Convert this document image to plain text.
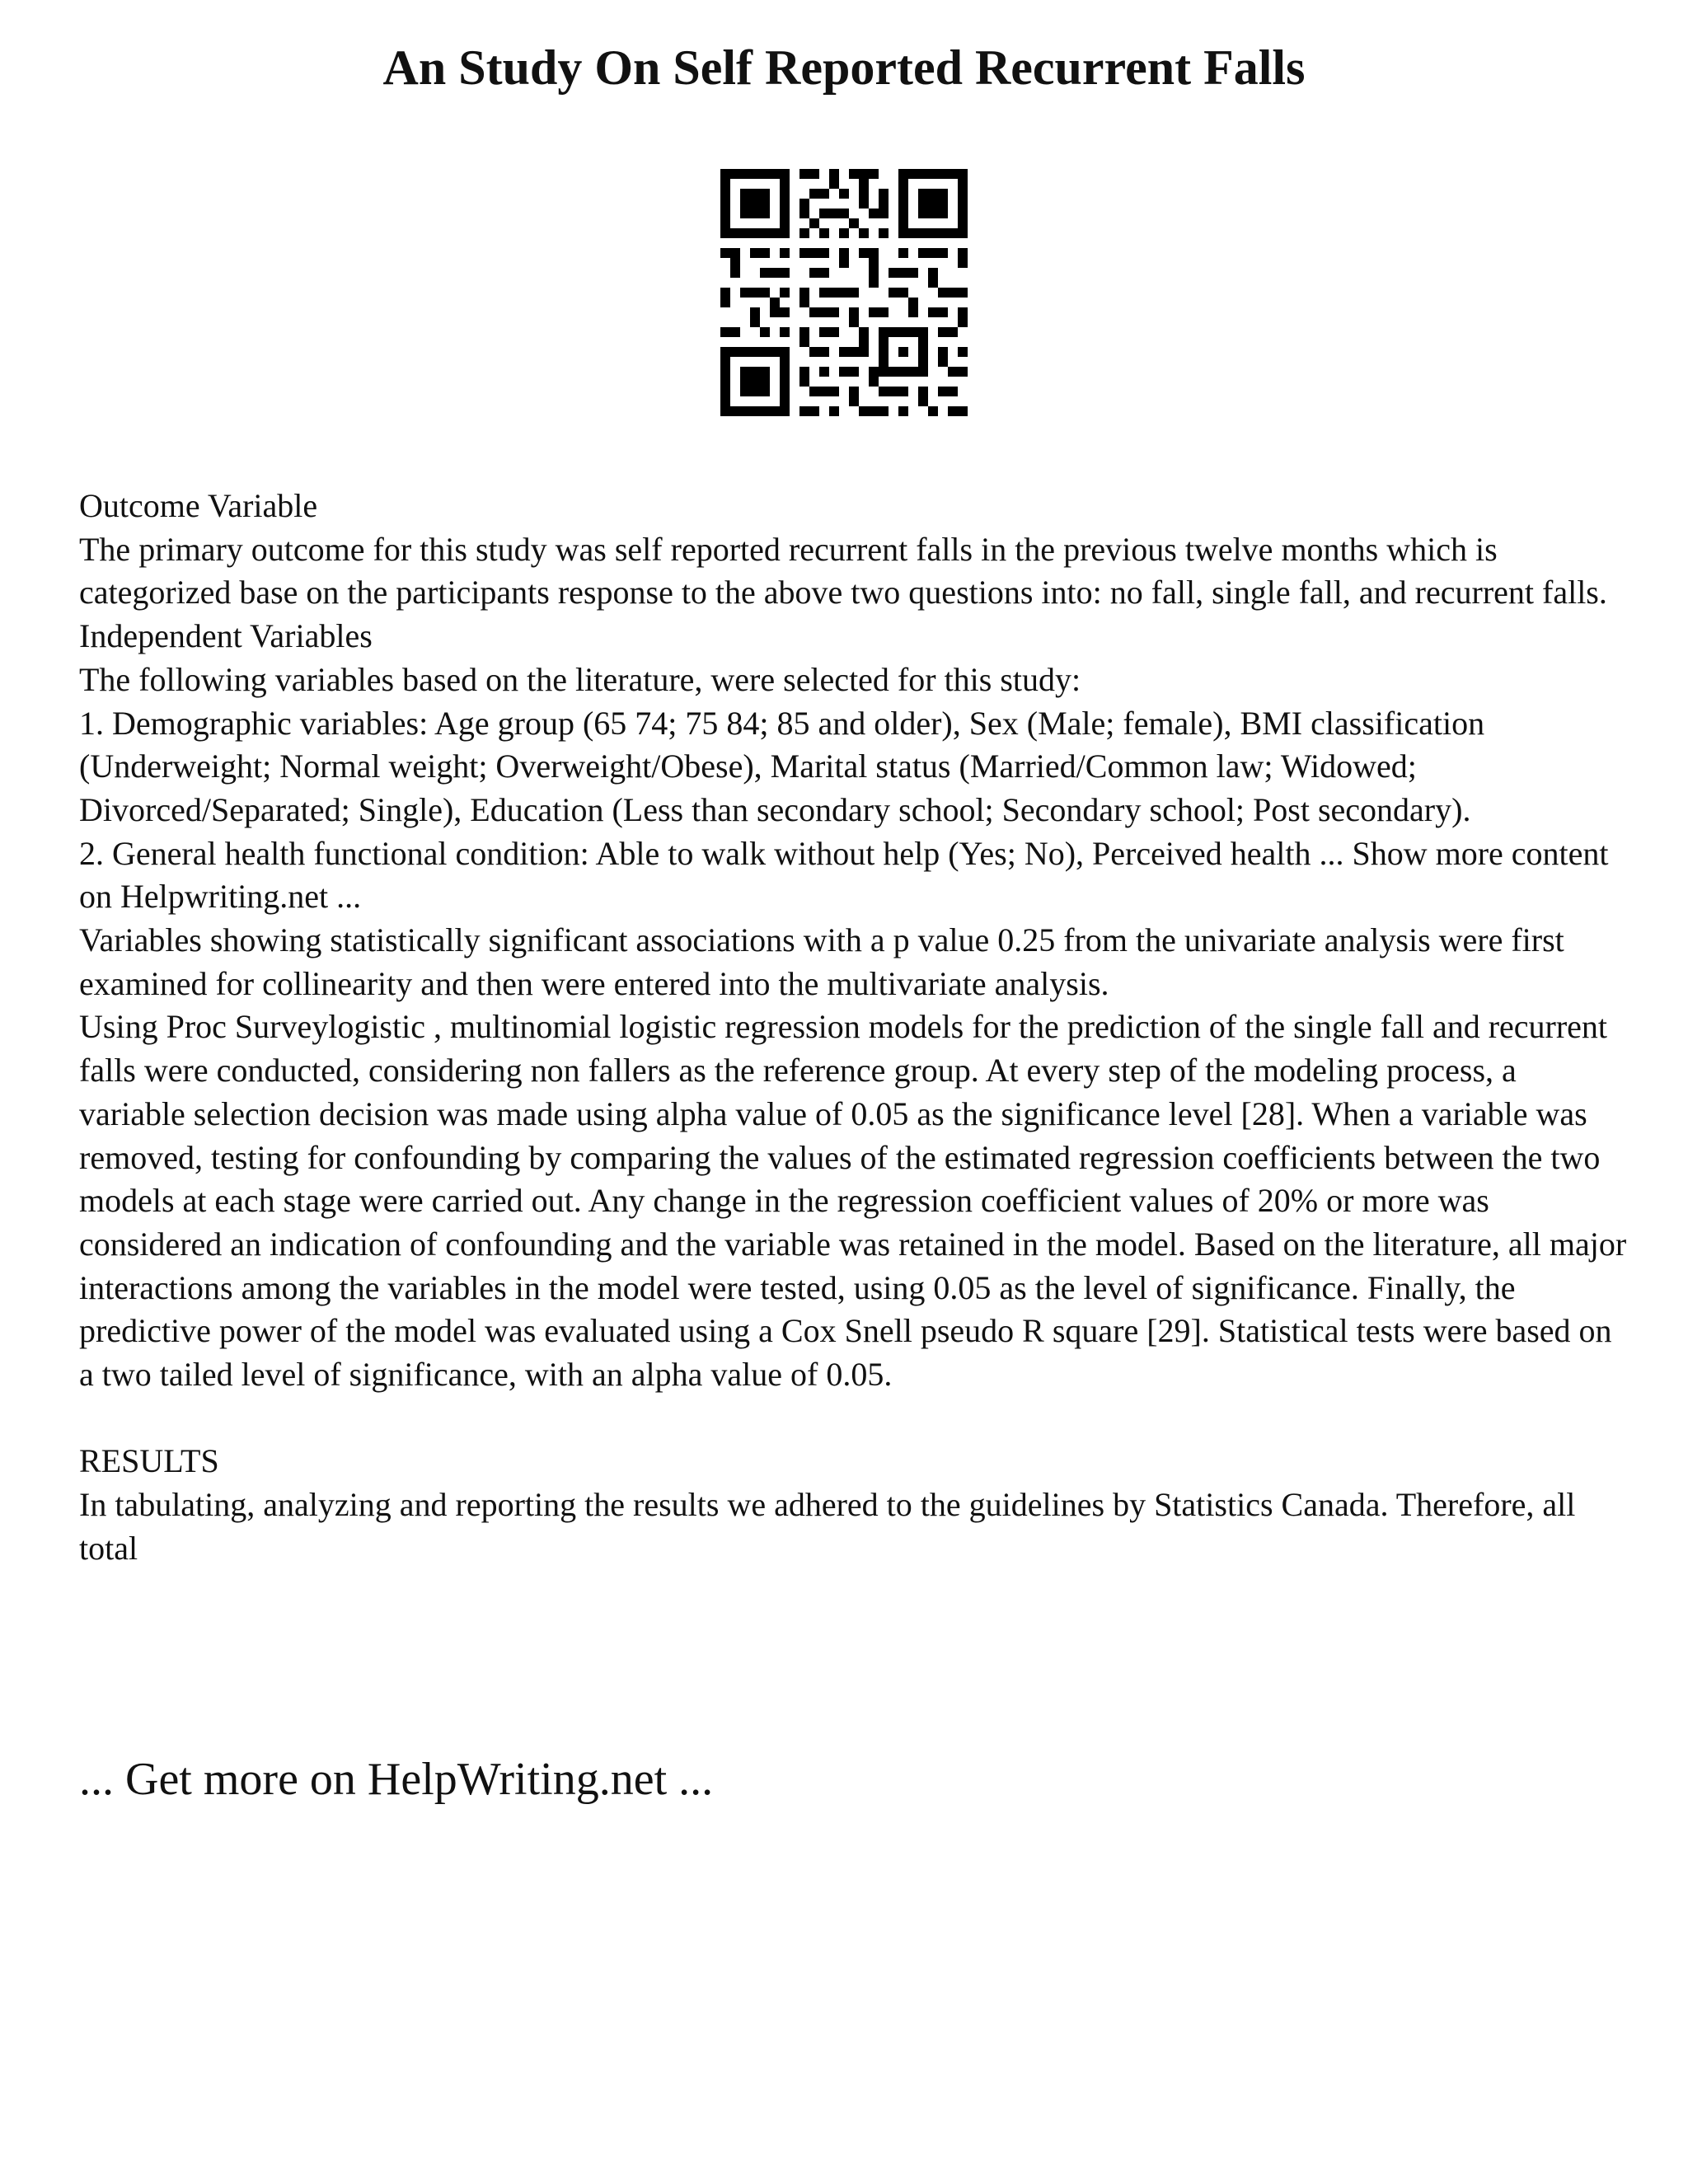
An Study On Self Reported Recurrent Falls

Outcome Variable

The primary outcome for this study was self reported recurrent falls in the previous twelve months which is categorized base on the participants response to the above two questions into: no fall, single fall, and recurrent falls.

Independent Variables

The following variables based on the literature, were selected for this study:

1. Demographic variables: Age group (65 74; 75 84; 85 and older), Sex (Male; female), BMI classification (Underweight; Normal weight; Overweight/Obese), Marital status (Married/Common law; Widowed; Divorced/Separated; Single), Education (Less than secondary school; Secondary school; Post secondary).

2. General health functional condition: Able to walk without help (Yes; No), Perceived health ... Show more content on Helpwriting.net ...

Variables showing statistically significant associations with a p value 0.25 from the univariate analysis were first examined for collinearity and then were entered into the multivariate analysis.

Using Proc Surveylogistic , multinomial logistic regression models for the prediction of the single fall and recurrent falls were conducted, considering non fallers as the reference group. At every step of the modeling process, a variable selection decision was made using alpha value of 0.05 as the significance level [28]. When a variable was removed, testing for confounding by comparing the values of the estimated regression coefficients between the two models at each stage were carried out. Any change in the regression coefficient values of 20% or more was considered an indication of confounding and the variable was retained in the model. Based on the literature, all major interactions among the variables in the model were tested, using 0.05 as the level of significance. Finally, the predictive power of the model was evaluated using a Cox Snell pseudo R square [29]. Statistical tests were based on a two tailed level of significance, with an alpha value of 0.05.

RESULTS

In tabulating, analyzing and reporting the results we adhered to the guidelines by Statistics Canada. Therefore, all total

... Get more on HelpWriting.net ...
